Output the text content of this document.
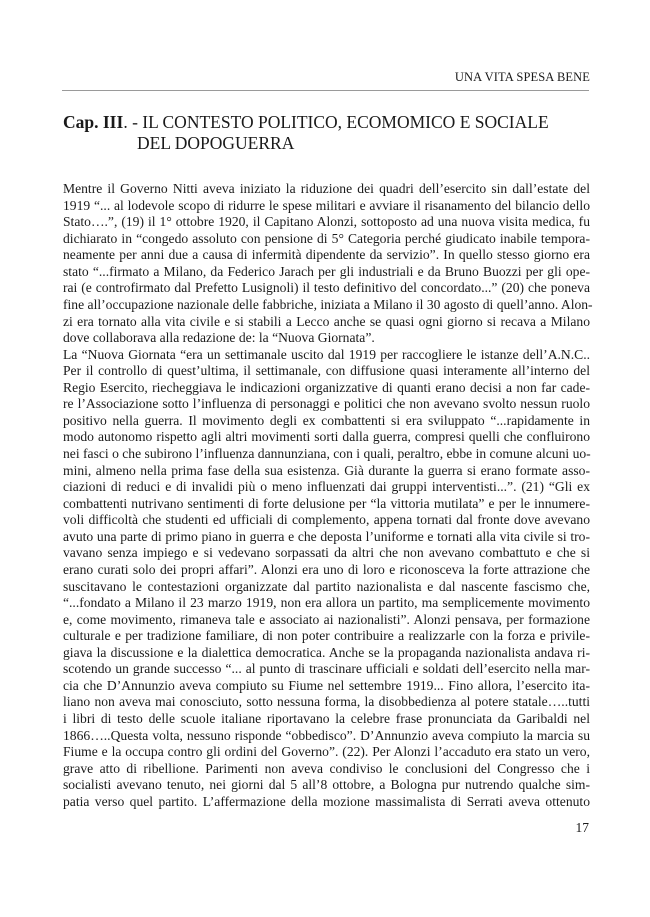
UNA VITA SPESA BENE
Cap. III. - IL CONTESTO POLITICO, ECOMOMICO E SOCIALE
DEL DOPOGUERRA
Mentre il Governo Nitti aveva iniziato la riduzione dei quadri dell’esercito sin dall’estate del
1919 “... al lodevole scopo di ridurre le spese militari e avviare il risanamento del bilancio dello
Stato….”, (19) il 1° ottobre 1920, il Capitano Alonzi, sottoposto ad una nuova visita medica, fu
dichiarato in “congedo assoluto con pensione di 5° Categoria perché giudicato inabile tempora-
neamente per anni due a causa di infermità dipendente da servizio”. In quello stesso giorno era
stato “...firmato a Milano, da Federico Jarach per gli industriali e da Bruno Buozzi per gli ope-
rai (e controfirmato dal Prefetto Lusignoli) il testo definitivo del concordato...” (20) che poneva
fine all’occupazione nazionale delle fabbriche, iniziata a Milano il 30 agosto di quell’anno. Alon-
zi era tornato alla vita civile e si stabili a Lecco anche se quasi ogni giorno si recava a Milano
dove collaborava alla redazione de: la “Nuova Giornata”.
La “Nuova Giornata “era un settimanale uscito dal 1919 per raccogliere le istanze dell’A.N.C..
Per il controllo di quest’ultima, il settimanale, con diffusione quasi interamente all’interno del
Regio Esercito, riecheggiava le indicazioni organizzative di quanti erano decisi a non far cade-
re l’Associazione sotto l’influenza di personaggi e politici che non avevano svolto nessun ruolo
positivo nella guerra. Il movimento degli ex combattenti si era sviluppato “...rapidamente in
modo autonomo rispetto agli altri movimenti sorti dalla guerra, compresi quelli che confluirono
nei fasci o che subirono l’influenza dannunziana, con i quali, peraltro, ebbe in comune alcuni uo-
mini, almeno nella prima fase della sua esistenza. Già durante la guerra si erano formate asso-
ciazioni di reduci e di invalidi più o meno influenzati dai gruppi interventisti...”. (21) “Gli ex
combattenti nutrivano sentimenti di forte delusione per “la vittoria mutilata” e per le innumere-
voli difficoltà che studenti ed ufficiali di complemento, appena tornati dal fronte dove avevano
avuto una parte di primo piano in guerra e che deposta l’uniforme e tornati alla vita civile si tro-
vavano senza impiego e si vedevano sorpassati da altri che non avevano combattuto e che si
erano curati solo dei propri affari”. Alonzi era uno di loro e riconosceva la forte attrazione che
suscitavano le contestazioni organizzate dal partito nazionalista e dal nascente fascismo che,
“...fondato a Milano il 23 marzo 1919, non era allora un partito, ma semplicemente movimento
e, come movimento, rimaneva tale e associato ai nazionalisti”. Alonzi pensava, per formazione
culturale e per tradizione familiare, di non poter contribuire a realizzarle con la forza e privile-
giava la discussione e la dialettica democratica. Anche se la propaganda nazionalista andava ri-
scotendo un grande successo “... al punto di trascinare ufficiali e soldati dell’esercito nella mar-
cia che D’Annunzio aveva compiuto su Fiume nel settembre 1919... Fino allora, l’esercito ita-
liano non aveva mai conosciuto, sotto nessuna forma, la disobbedienza al potere statale…..tutti
i libri di testo delle scuole italiane riportavano la celebre frase pronunciata da Garibaldi nel
1866…..Questa volta, nessuno risponde “obbedisco”. D’Annunzio aveva compiuto la marcia su
Fiume e la occupa contro gli ordini del Governo”. (22). Per Alonzi l’accaduto era stato un vero,
grave atto di ribellione. Parimenti non aveva condiviso le conclusioni del Congresso che i
socialisti avevano tenuto, nei giorni dal 5 all’8 ottobre, a Bologna pur nutrendo qualche sim-
patia verso quel partito. L’affermazione della mozione massimalista di Serrati aveva ottenuto
17
